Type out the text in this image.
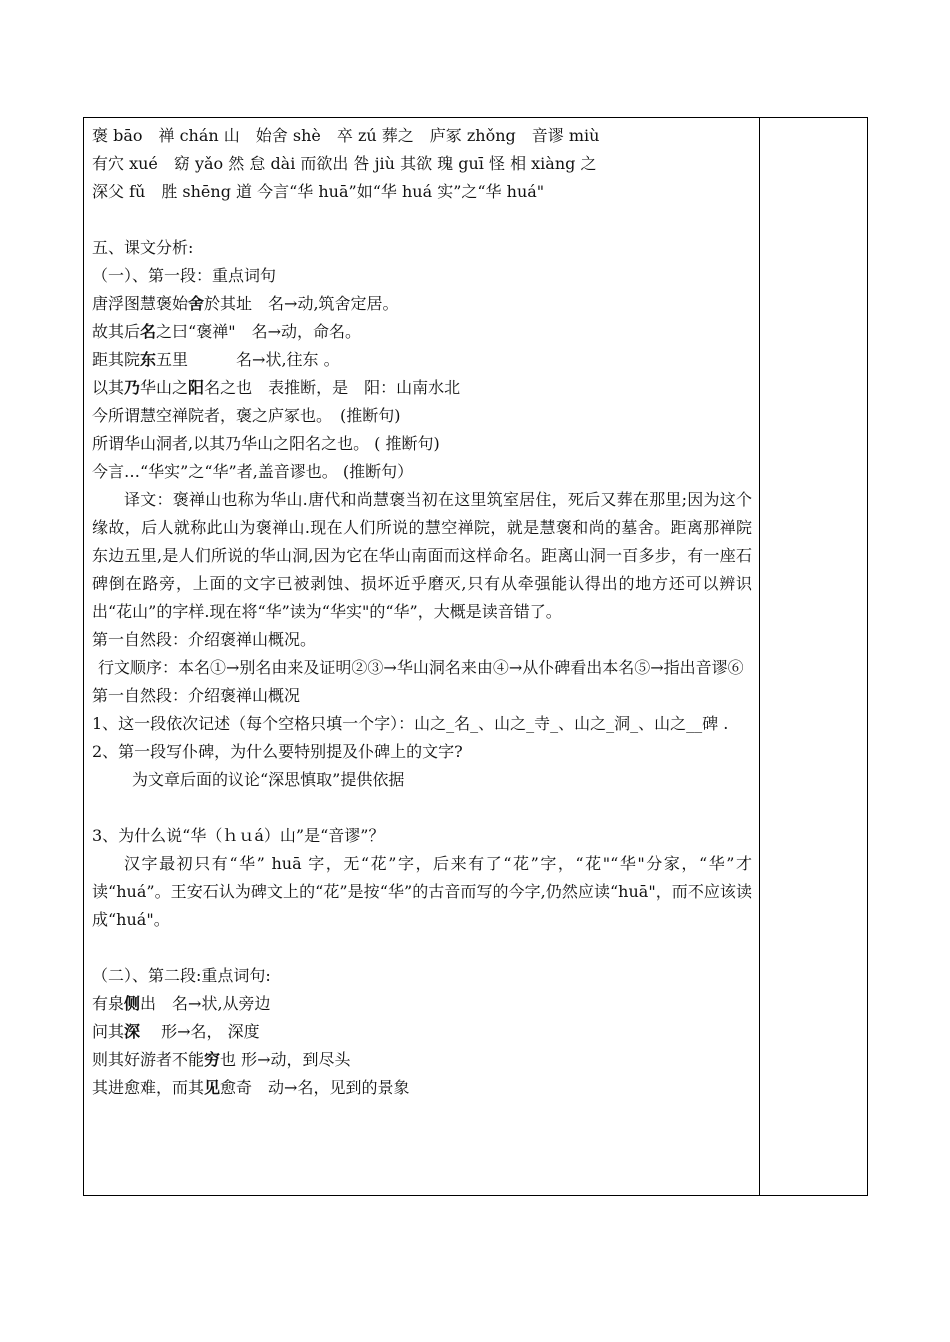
褒 bāo　禅 chán 山　始舍 shè　卒 zú 葬之　庐冢 zhǒng　音谬 miù
有穴 xué　窈 yǎo 然 怠 dài 而欲出 咎 jiù 其欲 瑰 guī 怪 相 xiàng 之
深父 fǔ　胜 shēng 道 今言“华 huā”如“华 huá 实”之“华 huá"
五、课文分析:
（一）、第一段：重点词句
唐浮图慧褒始舍於其址　名→动,筑舍定居。
故其后名之曰“褒禅"　名→动，命名。
距其院东五里　　　名→状,往东 。
以其乃华山之阳名之也　表推断，是　阳：山南水北
今所谓慧空禅院者，褒之庐冢也。　(推断句)
所谓华山洞者,以其乃华山之阳名之也。 ( 推断句)
今言…“华实”之“华”者,盖音谬也。 (推断句）
译文：褒禅山也称为华山.唐代和尚慧褒当初在这里筑室居住，死后又葬在那里;因为这个缘故，后人就称此山为褒禅山.现在人们所说的慧空禅院，就是慧褒和尚的墓舍。距离那禅院东边五里,是人们所说的华山洞,因为它在华山南面而这样命名。距离山洞一百多步，有一座石碑倒在路旁，上面的文字已被剥蚀、损坏近乎磨灭,只有从牵强能认得出的地方还可以辨识出“花山”的字样.现在将“华”读为“华实"的“华”，大概是读音错了。
第一自然段：介绍褒禅山概况。
行文顺序：本名①→别名由来及证明②③→华山洞名来由④→从仆碑看出本名⑤→指出音谬⑥
第一自然段：介绍褒禅山概况
1、这一段依次记述（每个空格只填一个字）：山之_名_、山之_寺_、山之_洞_、山之__碑 .
2、第一段写仆碑，为什么要特别提及仆碑上的文字?
为文章后面的议论“深思慎取”提供依据
3、为什么说“华（ｈｕá）山”是“音谬”？
汉字最初只有“华” huā 字，无“花”字，后来有了“花”字，“花"“华"分家，“华”才读“huá”。王安石认为碑文上的“花”是按“华”的古音而写的今字,仍然应读“huā"，而不应该读成“huá"。
（二）、第二段:重点词句:
有泉侧出　名→状,从旁边
问其深　 形→名， 深度
则其好游者不能穷也 形→动，到尽头
其进愈难，而其见愈奇　动→名，见到的景象
